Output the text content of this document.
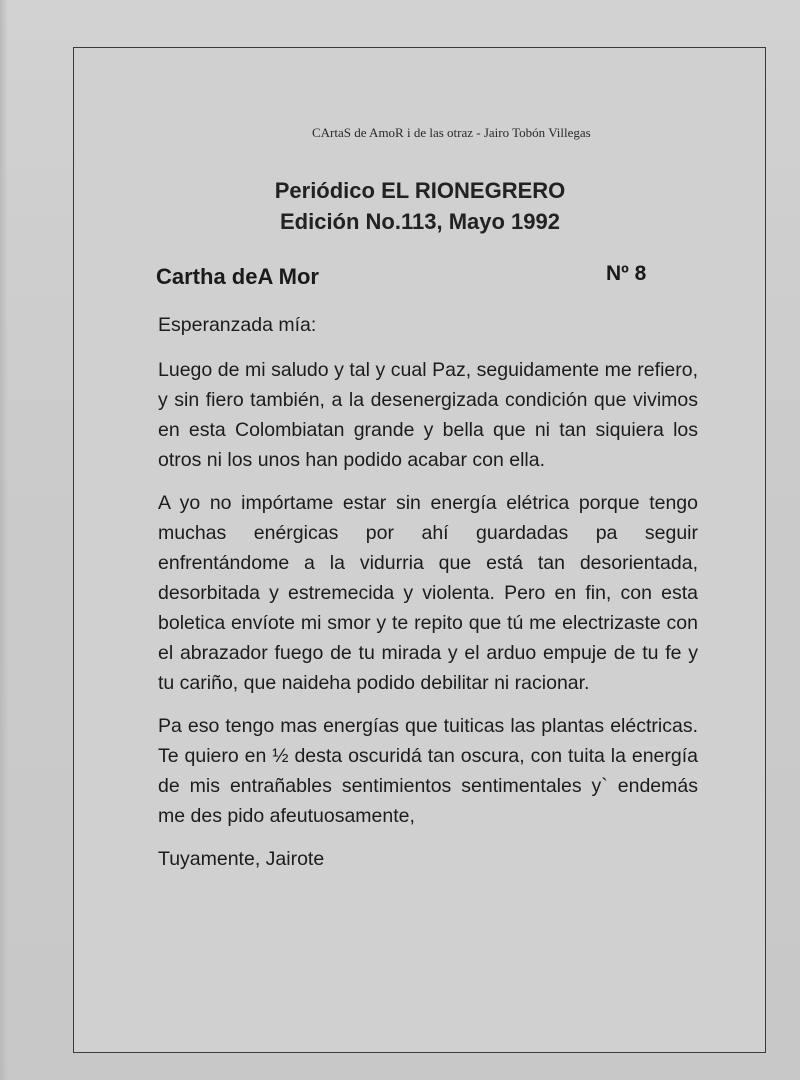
CArtaS de AmoR i de las otraz - Jairo Tobón Villegas
Periódico EL RIONEGRERO
Edición No.113, Mayo 1992
Cartha deA Mor	Nº 8

Esperanzada mía:

Luego de mi saludo y tal y cual Paz, seguidamente me refiero, y sin fiero también, a la desenergizada condición que vivimos en esta Colombiatan grande y bella que ni tan siquiera los otros ni los unos han podido acabar con ella.

A yo no impórtame estar sin energía elétrica porque tengo muchas enérgicas por ahí guardadas pa seguir enfrentándome a la vidurria que está tan desorientada, desorbitada y estremecida y violenta. Pero en fin, con esta boletica envíote mi smor y te repito que tú me electrizaste con el abrazador fuego de tu mirada y el arduo empuje de tu fe y tu cariño, que naideha podido debilitar ni racionar.

Pa eso tengo mas energías que tuiticas las plantas eléctricas. Te quiero en ½ desta oscuridá tan oscura, con tuita la energía de mis entrañables sentimientos sentimentales y` endemás me des pido afeutuosamente,

Tuyamente, Jairote
